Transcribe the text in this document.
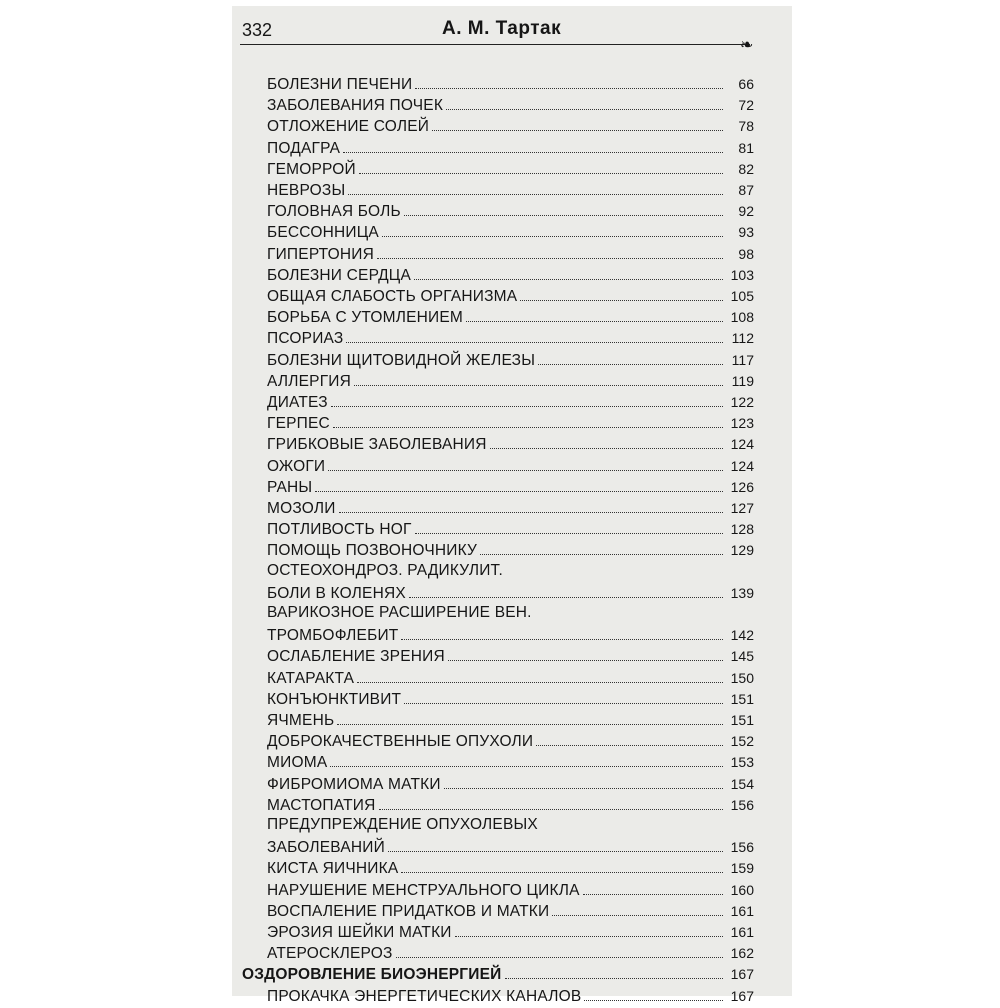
332	А. М. Тартак
❧
БОЛЕЗНИ ПЕЧЕНИ	66
ЗАБОЛЕВАНИЯ ПОЧЕК	72
ОТЛОЖЕНИЕ СОЛЕЙ	78
ПОДАГРА	81
ГЕМОРРОЙ	82
НЕВРОЗЫ	87
ГОЛОВНАЯ БОЛЬ	92
БЕССОННИЦА	93
ГИПЕРТОНИЯ	98
БОЛЕЗНИ СЕРДЦА	103
ОБЩАЯ СЛАБОСТЬ ОРГАНИЗМА	105
БОРЬБА С УТОМЛЕНИЕМ	108
ПСОРИАЗ	112
БОЛЕЗНИ ЩИТОВИДНОЙ ЖЕЛЕЗЫ	117
АЛЛЕРГИЯ	119
ДИАТЕЗ	122
ГЕРПЕС	123
ГРИБКОВЫЕ ЗАБОЛЕВАНИЯ	124
ОЖОГИ	124
РАНЫ	126
МОЗОЛИ	127
ПОТЛИВОСТЬ НОГ	128
ПОМОЩЬ ПОЗВОНОЧНИКУ	129
ОСТЕОХОНДРОЗ. РАДИКУЛИТ.
БОЛИ В КОЛЕНЯХ	139
ВАРИКОЗНОЕ РАСШИРЕНИЕ ВЕН.
ТРОМБОФЛЕБИТ	142
ОСЛАБЛЕНИЕ ЗРЕНИЯ	145
КАТАРАКТА	150
КОНЪЮНКТИВИТ	151
ЯЧМЕНЬ	151
ДОБРОКАЧЕСТВЕННЫЕ ОПУХОЛИ	152
МИОМА	153
ФИБРОМИОМА МАТКИ	154
МАСТОПАТИЯ	156
ПРЕДУПРЕЖДЕНИЕ ОПУХОЛЕВЫХ
ЗАБОЛЕВАНИЙ	156
КИСТА ЯИЧНИКА	159
НАРУШЕНИЕ МЕНСТРУАЛЬНОГО ЦИКЛА	160
ВОСПАЛЕНИЕ ПРИДАТКОВ И МАТКИ	161
ЭРОЗИЯ ШЕЙКИ МАТКИ	161
АТЕРОСКЛЕРОЗ	162
ОЗДОРОВЛЕНИЕ БИОЭНЕРГИЕЙ	167
ПРОКАЧКА ЭНЕРГЕТИЧЕСКИХ КАНАЛОВ	167
